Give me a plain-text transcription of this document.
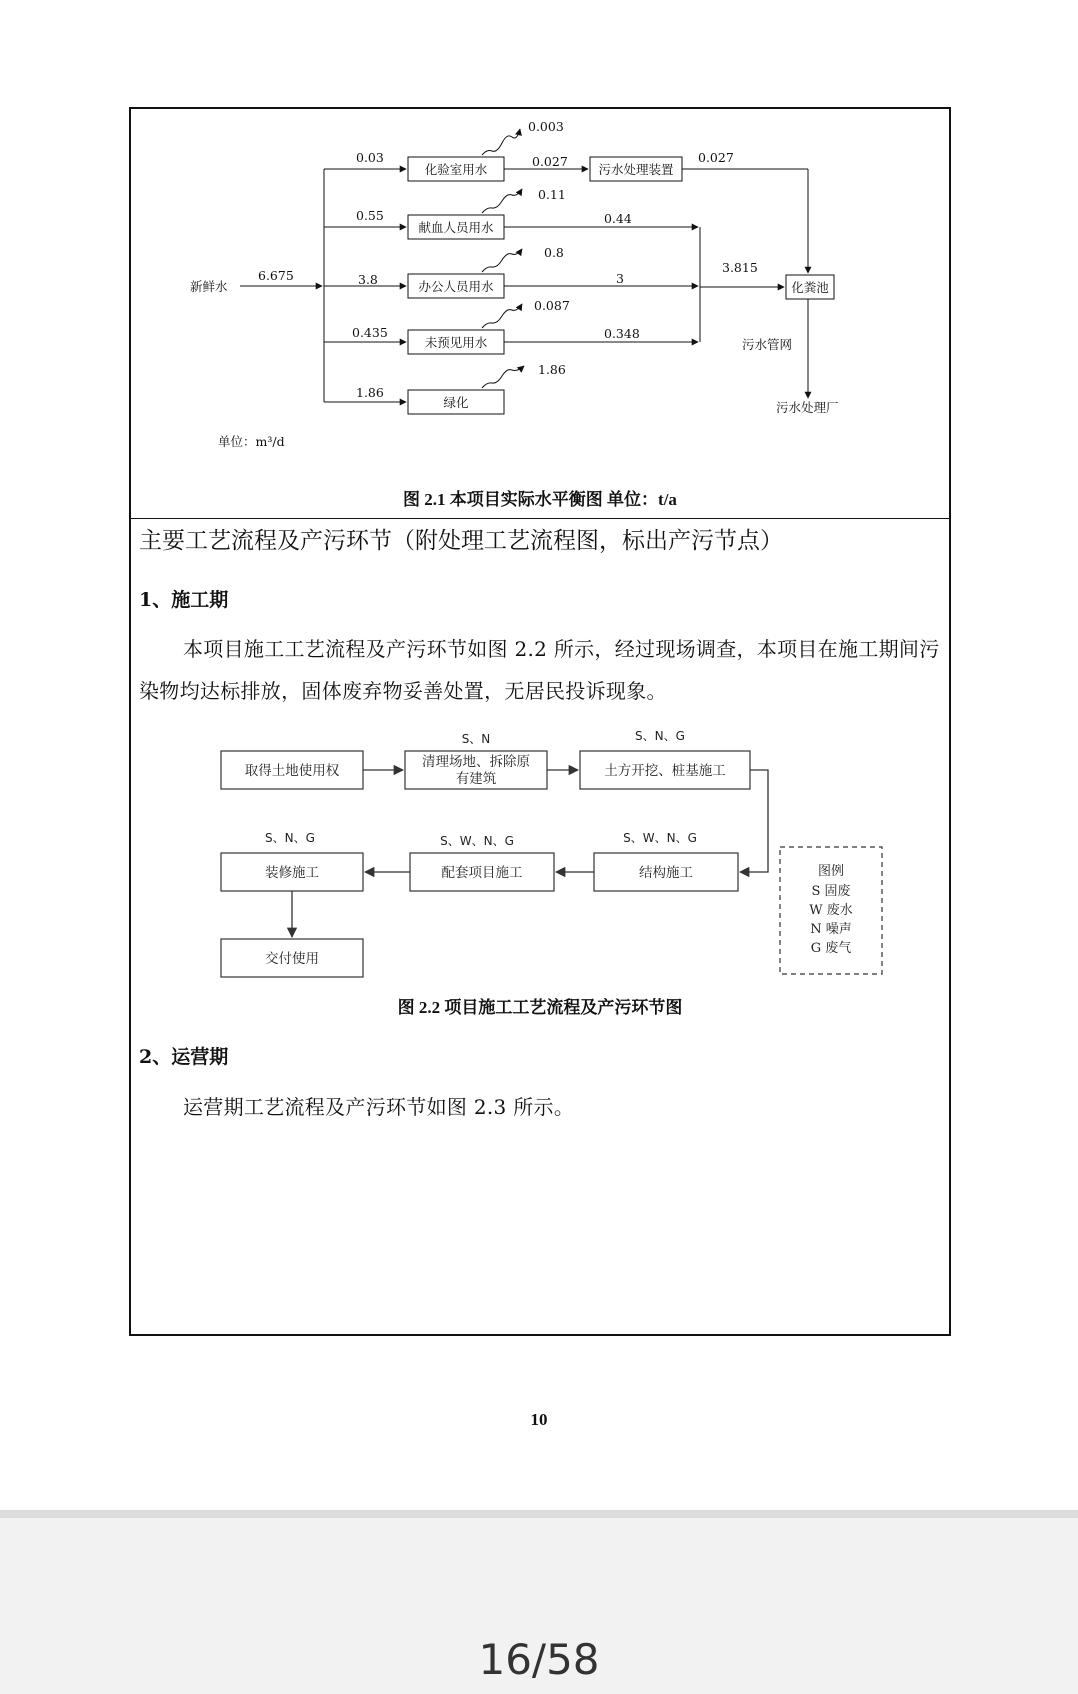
新鲜水
6.675
0.03
0.55
3.8
0.435
1.86
化验室用水
献血人员用水
办公人员用水
未预见用水
绿化
0.003
0.11
0.8
0.087
1.86
0.027
0.44
3
0.348
污水处理装置
0.027
3.815
化粪池
污水管网
污水处理厂
单位：m³/d
图 2.1 本项目实际水平衡图 单位：t/a
主要工艺流程及产污环节（附处理工艺流程图，标出产污节点）
1、施工期
本项目施工工艺流程及产污环节如图 2.2 所示，经过现场调查，本项目在施工期间污染物均达标排放，固体废弃物妥善处置，无居民投诉现象。
取得土地使用权
清理场地、拆除原
有建筑	土方开挖、桩基施工
结构施工
配套项目施工
装修施工
交付使用
S、N	S、N、G
S、W、N、G
S、W、N、G
S、N、G
图例
S 固废
W 废水
N 噪声
G 废气
图 2.2 项目施工工艺流程及产污环节图
2、运营期
运营期工艺流程及产污环节如图 2.3 所示。
10
16/58
